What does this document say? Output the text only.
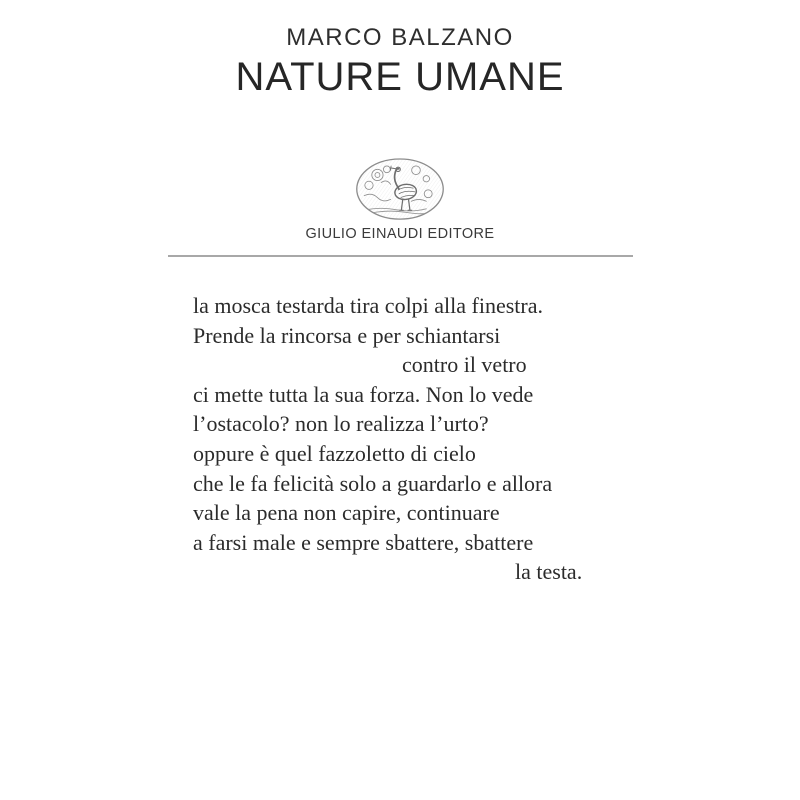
MARCO BALZANO
NATURE UMANE
GIULIO EINAUDI EDITORE
la mosca testarda tira colpi alla finestra.
Prende la rincorsa e per schiantarsi
contro il vetro
ci mette tutta la sua forza. Non lo vede
l’ostacolo? non lo realizza l’urto?
oppure è quel fazzoletto di cielo
che le fa felicità solo a guardarlo e allora
vale la pena non capire, continuare
a farsi male e sempre sbattere, sbattere
la testa.
